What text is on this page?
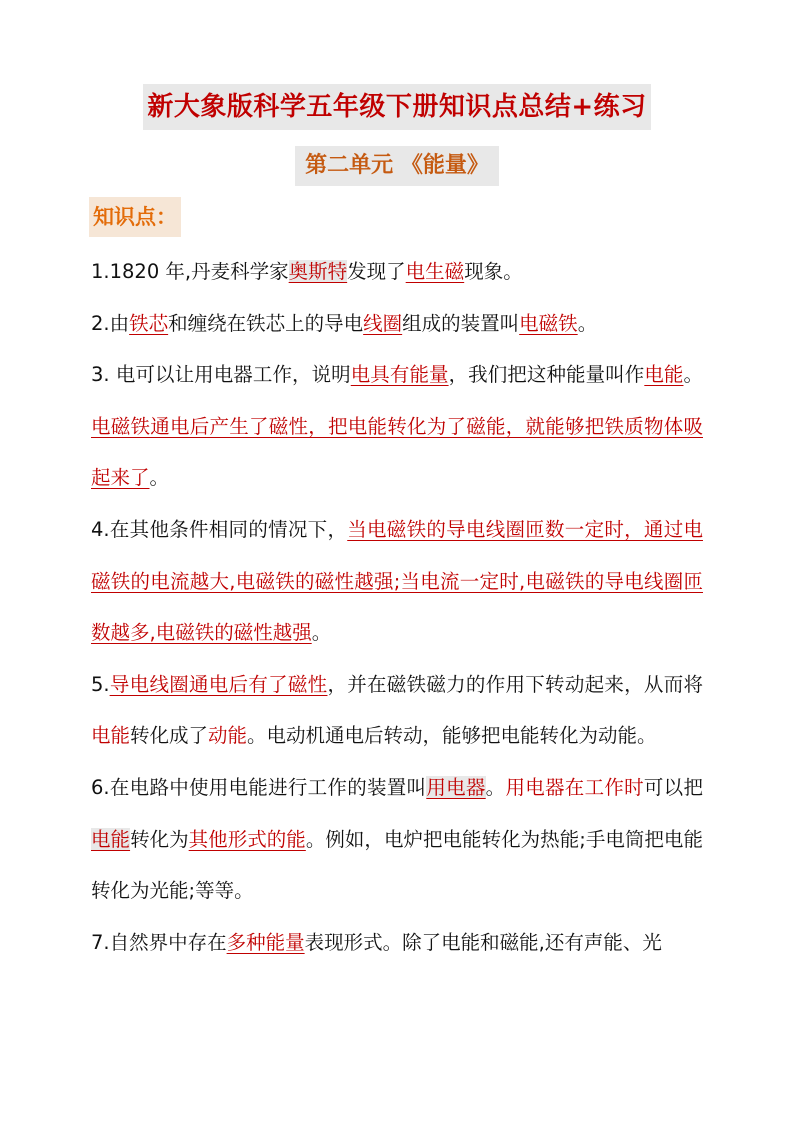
新大象版科学五年级下册知识点总结+练习
第二单元 《能量》
知识点：

1.1820 年,丹麦科学家奥斯特发现了电生磁现象。

2.由铁芯和缠绕在铁芯上的导电线圈组成的装置叫电磁铁。

3. 电可以让用电器工作，说明电具有能量，我们把这种能量叫作电能。电磁铁通电后产生了磁性，把电能转化为了磁能，就能够把铁质物体吸起来了。

4.在其他条件相同的情况下，当电磁铁的导电线圈匝数一定时，通过电磁铁的电流越大,电磁铁的磁性越强;当电流一定时,电磁铁的导电线圈匝数越多,电磁铁的磁性越强。

5.导电线圈通电后有了磁性，并在磁铁磁力的作用下转动起来，从而将电能转化成了动能。电动机通电后转动，能够把电能转化为动能。

6.在电路中使用电能进行工作的装置叫用电器。用电器在工作时可以把电能转化为其他形式的能。例如，电炉把电能转化为热能;手电筒把电能转化为光能;等等。

7.自然界中存在多种能量表现形式。除了电能和磁能,还有声能、光
